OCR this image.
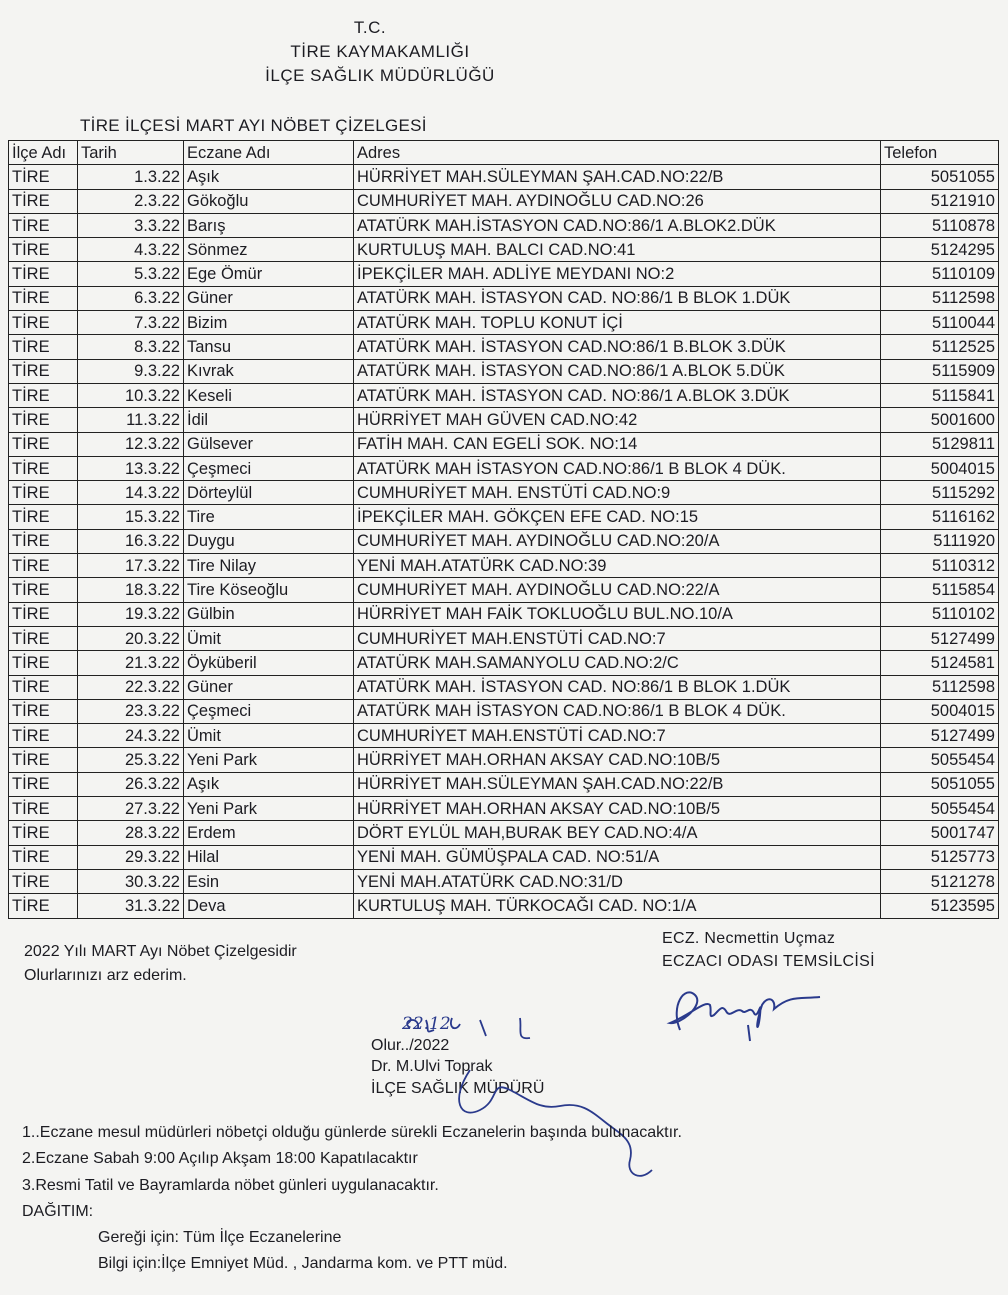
T.C.
TİRE KAYMAKAMLIĞI
İLÇE SAĞLIK MÜDÜRLÜĞÜ
TİRE İLÇESİ MART AYI NÖBET ÇİZELGESİ
İlçe Adı	Tarih	Eczane Adı	Adres	Telefon
TİRE	1.3.22	Aşık	HÜRRİYET MAH.SÜLEYMAN ŞAH.CAD.NO:22/B	5051055
TİRE	2.3.22	Gökoğlu	CUMHURİYET MAH. AYDINOĞLU CAD.NO:26	5121910
TİRE	3.3.22	Barış	ATATÜRK MAH.İSTASYON CAD.NO:86/1 A.BLOK2.DÜK	5110878
TİRE	4.3.22	Sönmez	KURTULUŞ MAH. BALCI CAD.NO:41	5124295
TİRE	5.3.22	Ege Ömür	İPEKÇİLER MAH. ADLİYE MEYDANI NO:2	5110109
TİRE	6.3.22	Güner	ATATÜRK MAH. İSTASYON CAD. NO:86/1 B BLOK 1.DÜK	5112598
TİRE	7.3.22	Bizim	ATATÜRK MAH. TOPLU KONUT İÇİ	5110044
TİRE	8.3.22	Tansu	ATATÜRK MAH. İSTASYON CAD.NO:86/1 B.BLOK 3.DÜK	5112525
TİRE	9.3.22	Kıvrak	ATATÜRK MAH. İSTASYON CAD.NO:86/1 A.BLOK 5.DÜK	5115909
TİRE	10.3.22	Keseli	ATATÜRK MAH. İSTASYON CAD. NO:86/1 A.BLOK 3.DÜK	5115841
TİRE	11.3.22	İdil	HÜRRİYET MAH GÜVEN CAD.NO:42	5001600
TİRE	12.3.22	Gülsever	FATİH MAH. CAN EGELİ SOK. NO:14	5129811
TİRE	13.3.22	Çeşmeci	ATATÜRK MAH İSTASYON CAD.NO:86/1 B BLOK 4 DÜK.	5004015
TİRE	14.3.22	Dörteylül	CUMHURİYET MAH. ENSTÜTİ CAD.NO:9	5115292
TİRE	15.3.22	Tire	İPEKÇİLER MAH. GÖKÇEN EFE CAD. NO:15	5116162
TİRE	16.3.22	Duygu	CUMHURİYET MAH. AYDINOĞLU CAD.NO:20/A	5111920
TİRE	17.3.22	Tire Nilay	YENİ MAH.ATATÜRK CAD.NO:39	5110312
TİRE	18.3.22	Tire Köseoğlu	CUMHURİYET MAH. AYDINOĞLU CAD.NO:22/A	5115854
TİRE	19.3.22	Gülbin	HÜRRİYET MAH FAİK TOKLUOĞLU BUL.NO.10/A	5110102
TİRE	20.3.22	Ümit	CUMHURİYET MAH.ENSTÜTİ CAD.NO:7	5127499
TİRE	21.3.22	Öyküberil	ATATÜRK MAH.SAMANYOLU CAD.NO:2/C	5124581
TİRE	22.3.22	Güner	ATATÜRK MAH. İSTASYON CAD. NO:86/1 B BLOK 1.DÜK	5112598
TİRE	23.3.22	Çeşmeci	ATATÜRK MAH İSTASYON CAD.NO:86/1 B BLOK 4 DÜK.	5004015
TİRE	24.3.22	Ümit	CUMHURİYET MAH.ENSTÜTİ CAD.NO:7	5127499
TİRE	25.3.22	Yeni Park	HÜRRİYET MAH.ORHAN AKSAY CAD.NO:10B/5	5055454
TİRE	26.3.22	Aşık	HÜRRİYET MAH.SÜLEYMAN ŞAH.CAD.NO:22/B	5051055
TİRE	27.3.22	Yeni Park	HÜRRİYET MAH.ORHAN AKSAY CAD.NO:10B/5	5055454
TİRE	28.3.22	Erdem	DÖRT EYLÜL MAH,BURAK BEY CAD.NO:4/A	5001747
TİRE	29.3.22	Hilal	YENİ MAH. GÜMÜŞPALA CAD. NO:51/A	5125773
TİRE	30.3.22	Esin	YENİ MAH.ATATÜRK CAD.NO:31/D	5121278
TİRE	31.3.22	Deva	KURTULUŞ MAH. TÜRKOCAĞI CAD. NO:1/A	5123595
2022 Yılı MART Ayı Nöbet Çizelgesidir
Olurlarınızı arz ederim.
ECZ. Necmettin Uçmaz
ECZACI ODASI TEMSİLCİSİ
Olur../2022
Dr. M.Ulvi Toprak
İLÇE SAĞLIK MÜDÜRÜ
22.12.
1..Eczane mesul müdürleri nöbetçi olduğu günlerde sürekli Eczanelerin başında bulunacaktır.
2.Eczane Sabah 9:00 Açılıp Akşam 18:00 Kapatılacaktır
3.Resmi Tatil ve Bayramlarda nöbet günleri uygulanacaktır.
DAĞITIM:
Gereği için: Tüm İlçe Eczanelerine
Bilgi için:İlçe Emniyet Müd. , Jandarma kom. ve PTT müd.
